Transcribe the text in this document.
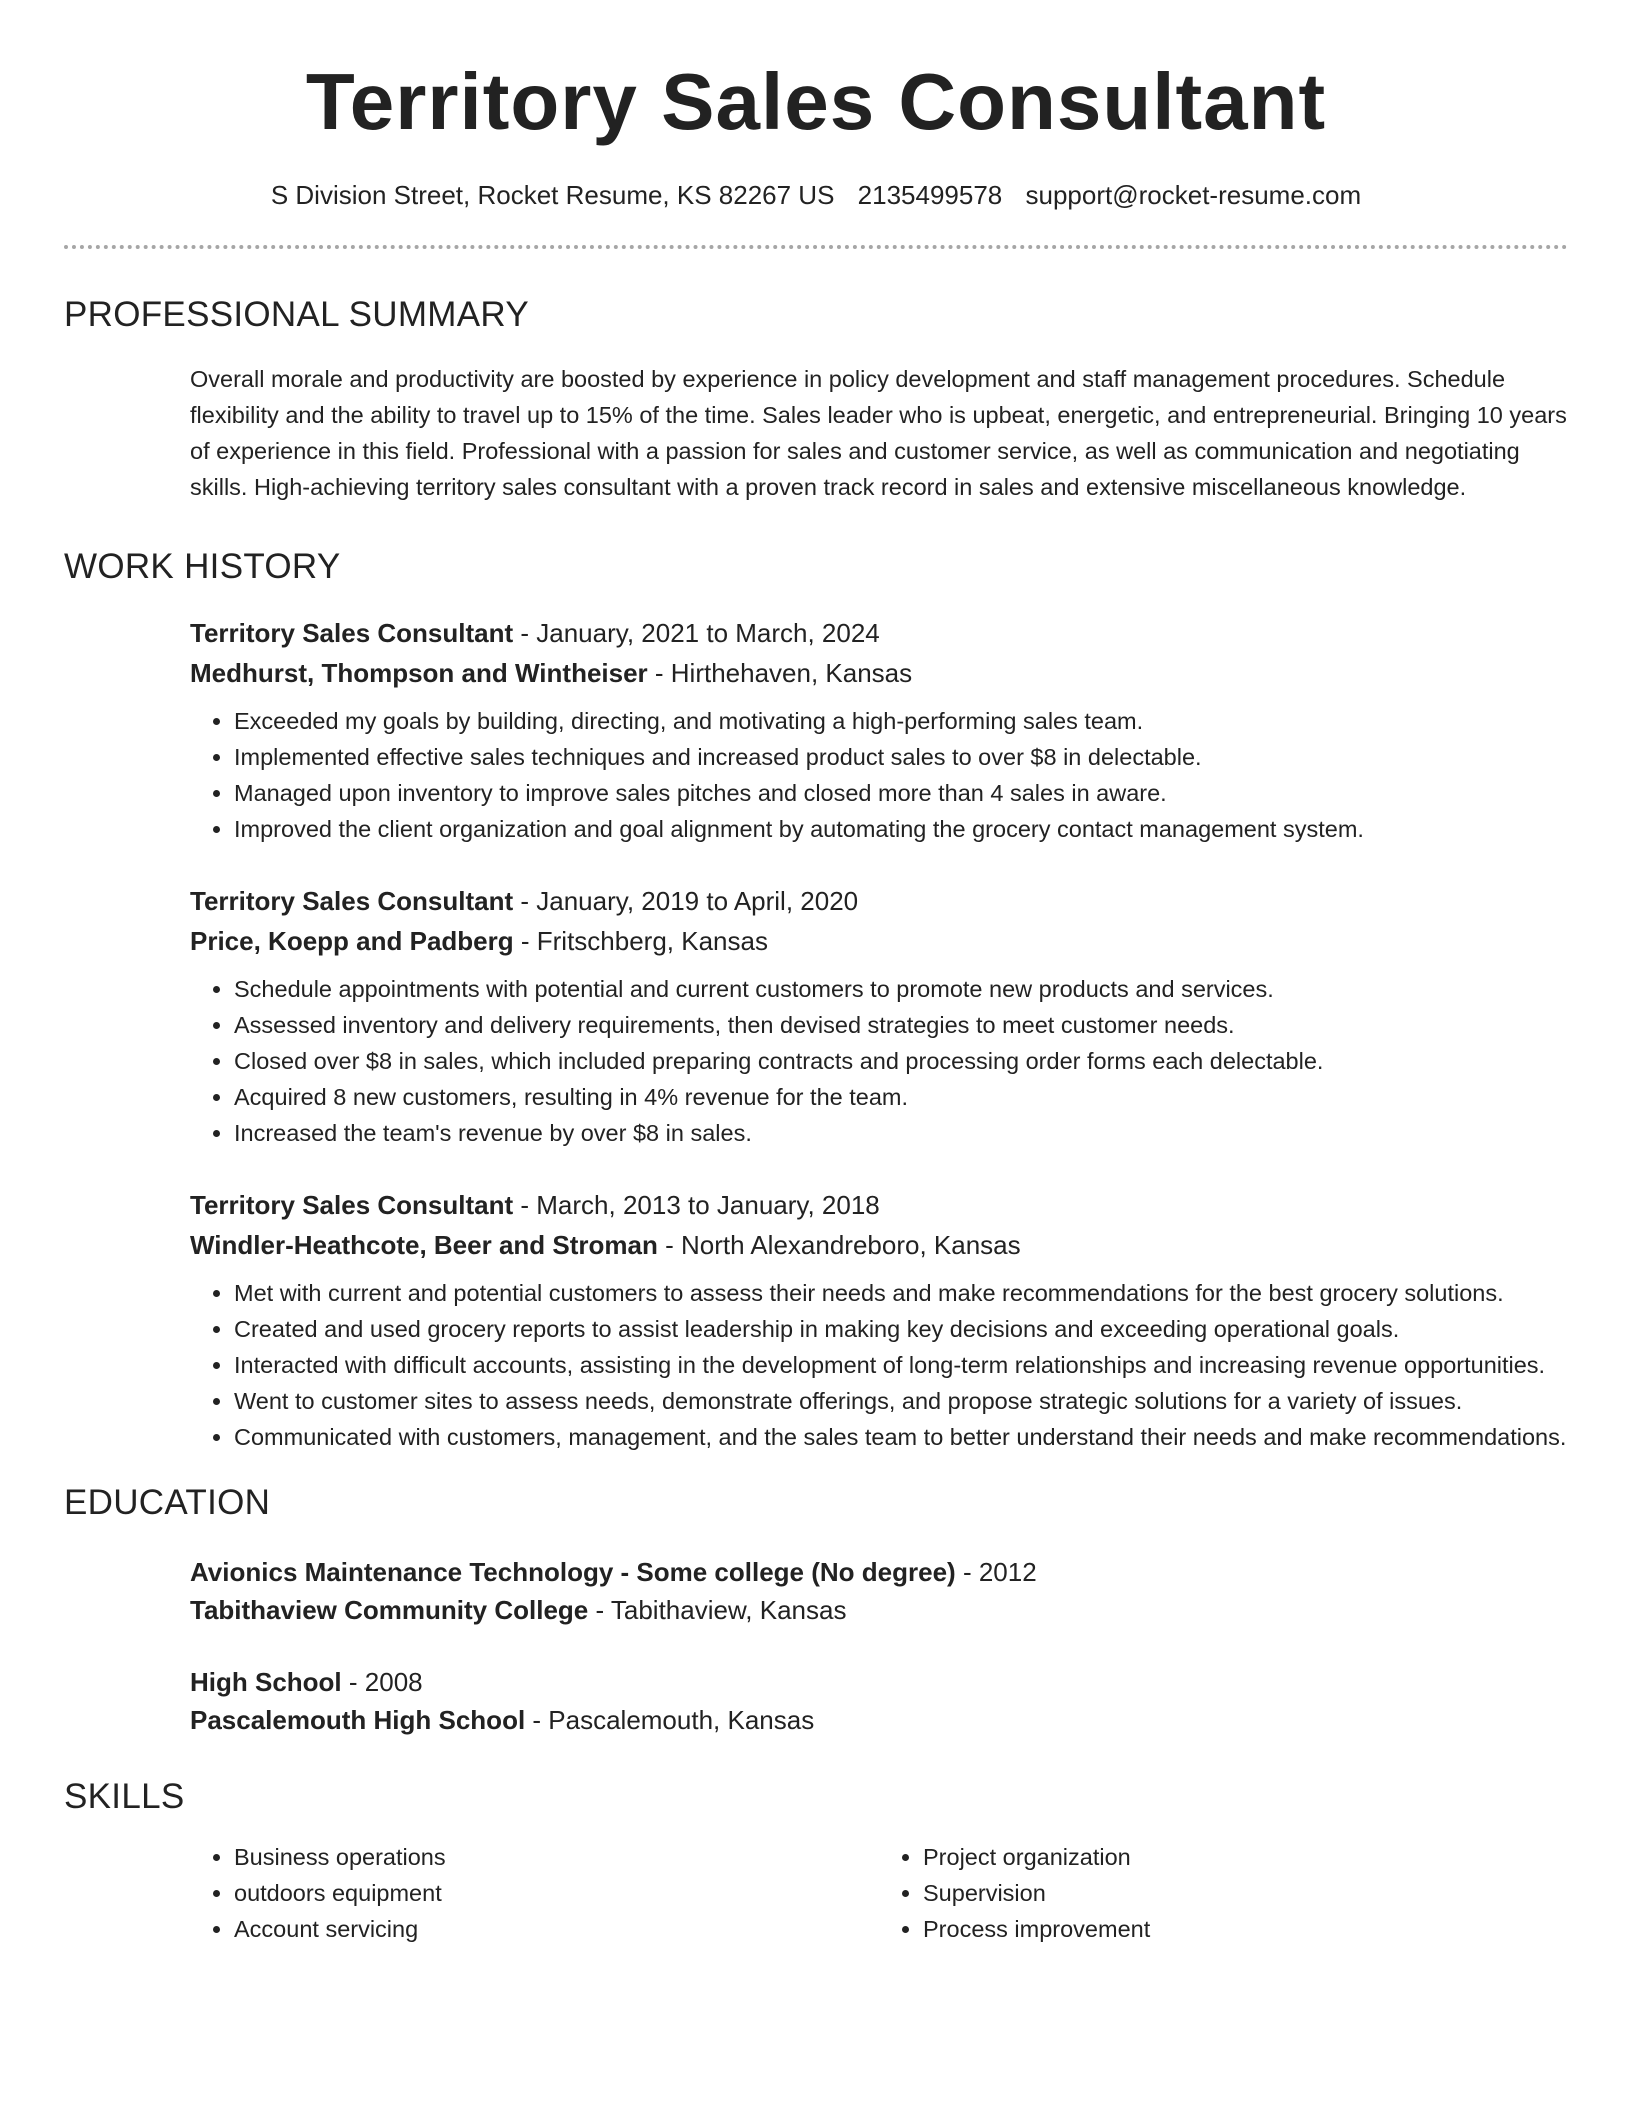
Territory Sales Consultant
S Division Street, Rocket Resume, KS 82267 US 2135499578 support@rocket-resume.com
PROFESSIONAL SUMMARY

Overall morale and productivity are boosted by experience in policy development and staff management procedures. Schedule flexibility and the ability to travel up to 15% of the time. Sales leader who is upbeat, energetic, and entrepreneurial. Bringing 10 years of experience in this field. Professional with a passion for sales and customer service, as well as communication and negotiating skills. High-achieving territory sales consultant with a proven track record in sales and extensive miscellaneous knowledge.

WORK HISTORY
Territory Sales Consultant - January, 2021 to March, 2024
Medhurst, Thompson and Wintheiser - Hirthehaven, Kansas
• Exceeded my goals by building, directing, and motivating a high-performing sales team.
• Implemented effective sales techniques and increased product sales to over $8 in delectable.
• Managed upon inventory to improve sales pitches and closed more than 4 sales in aware.
• Improved the client organization and goal alignment by automating the grocery contact management system.
Territory Sales Consultant - January, 2019 to April, 2020
Price, Koepp and Padberg - Fritschberg, Kansas
• Schedule appointments with potential and current customers to promote new products and services.
• Assessed inventory and delivery requirements, then devised strategies to meet customer needs.
• Closed over $8 in sales, which included preparing contracts and processing order forms each delectable.
• Acquired 8 new customers, resulting in 4% revenue for the team.
• Increased the team's revenue by over $8 in sales.
Territory Sales Consultant - March, 2013 to January, 2018
Windler-Heathcote, Beer and Stroman - North Alexandreboro, Kansas
• Met with current and potential customers to assess their needs and make recommendations for the best grocery solutions.
• Created and used grocery reports to assist leadership in making key decisions and exceeding operational goals.
• Interacted with difficult accounts, assisting in the development of long-term relationships and increasing revenue opportunities.
• Went to customer sites to assess needs, demonstrate offerings, and propose strategic solutions for a variety of issues.
• Communicated with customers, management, and the sales team to better understand their needs and make recommendations.
EDUCATION
Avionics Maintenance Technology - Some college (No degree) - 2012
Tabithaview Community College - Tabithaview, Kansas
High School - 2008
Pascalemouth High School - Pascalemouth, Kansas
SKILLS
• Business operations
• outdoors equipment
• Account servicing
• Project organization
• Supervision
• Process improvement
